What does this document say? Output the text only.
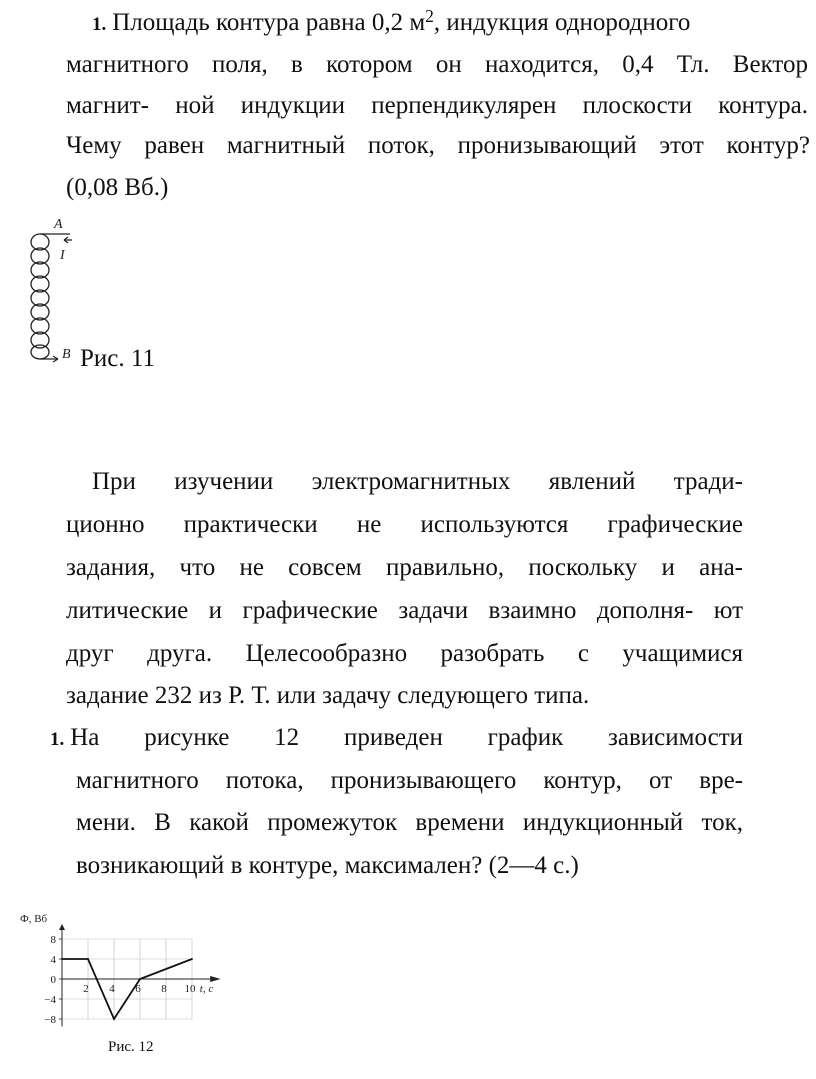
1. Площадь контура равна 0,2 $м^2$, индукция однородного
магнитного поля, в котором он находится, 0,4 Тл. Вектор
магнит- ной индукции перпендикулярен плоскости контура.
Чему равен магнитный поток, пронизывающий этот контур?
(0,08 Вб.)
A
I
B Рис. 11
При изучении электромагнитных явлений тради-
ционно практически не используются графические
задания, что не совсем правильно, поскольку и ана-
литические и графические задачи взаимно дополня- ют
друг друга. Целесообразно разобрать с учащимися
задание 232 из Р. Т. или задачу следующего типа.
1. На рисунке 12 приведен график зависимости
магнитного потока, пронизывающего контур, от вре-
мени. В какой промежуток времени индукционный ток,
возникающий в контуре, максимален? (2—4 с.)
8
4
0
−4
−8
2 4 6 8 10
Ф, Вб
t, с
Рис. 12
